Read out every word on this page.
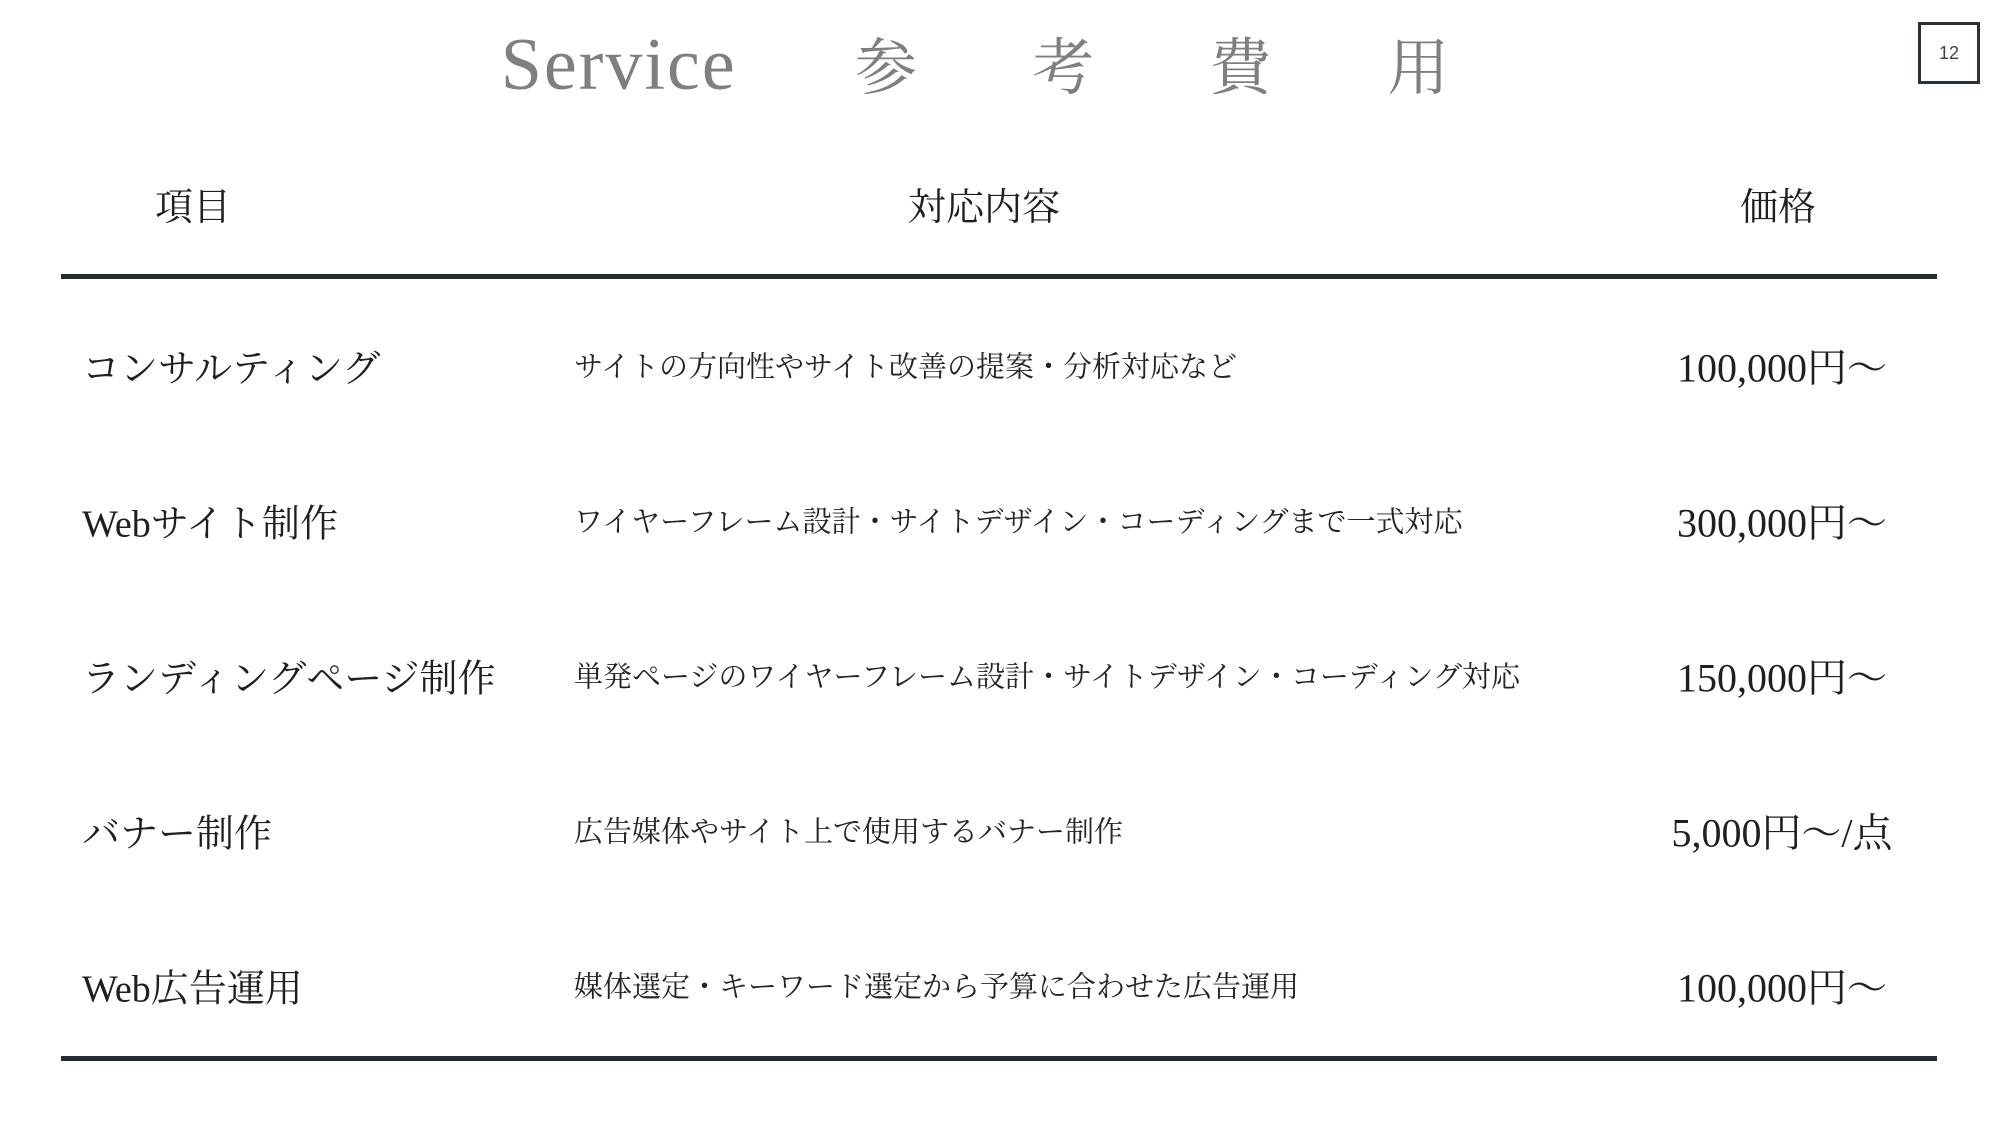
Service 参 考 費 用	12
項目	対応内容	価格
コンサルティング	サイトの方向性やサイト改善の提案・分析対応など	100,000円〜
Webサイト制作	ワイヤーフレーム設計・サイトデザイン・コーディングまで一式対応	300,000円〜
ランディングページ制作	単発ページのワイヤーフレーム設計・サイトデザイン・コーディング対応	150,000円〜
バナー制作	広告媒体やサイト上で使用するバナー制作	5,000円〜/点
Web広告運用	媒体選定・キーワード選定から予算に合わせた広告運用	100,000円〜
